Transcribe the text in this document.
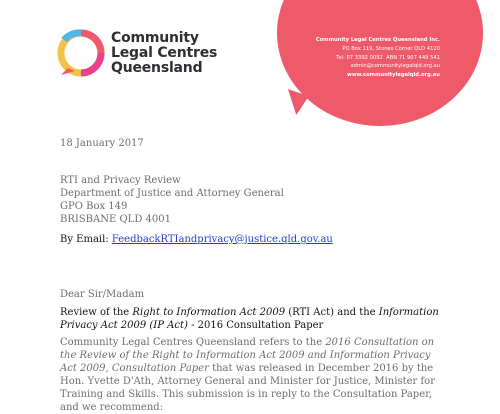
Community
Legal Centres
Queensland
Community Legal Centres Queensland Inc.
PO Box 119, Stones Corner QLD 4120
Tel: 07 3392 0092 ABN 71 907 449 541
admin@communitylegalqld.org.au
www.communitylegalqld.org.au
18 January 2017
RTI and Privacy Review
Department of Justice and Attorney General
GPO Box 149
BRISBANE QLD 4001
By Email: FeedbackRTIandprivacy@justice.qld.gov.au
Dear Sir/Madam
Review of the Right to Information Act 2009 (RTI Act) and the Information Privacy Act 2009 (IP Act) - 2016 Consultation Paper
Community Legal Centres Queensland refers to the 2016 Consultation on the Review of the Right to Information Act 2009 and Information Privacy Act 2009, Consultation Paper that was released in December 2016 by the Hon. Yvette D'Ath, Attorney General and Minister for Justice, Minister for Training and Skills. This submission is in reply to the Consultation Paper, and we recommend:
